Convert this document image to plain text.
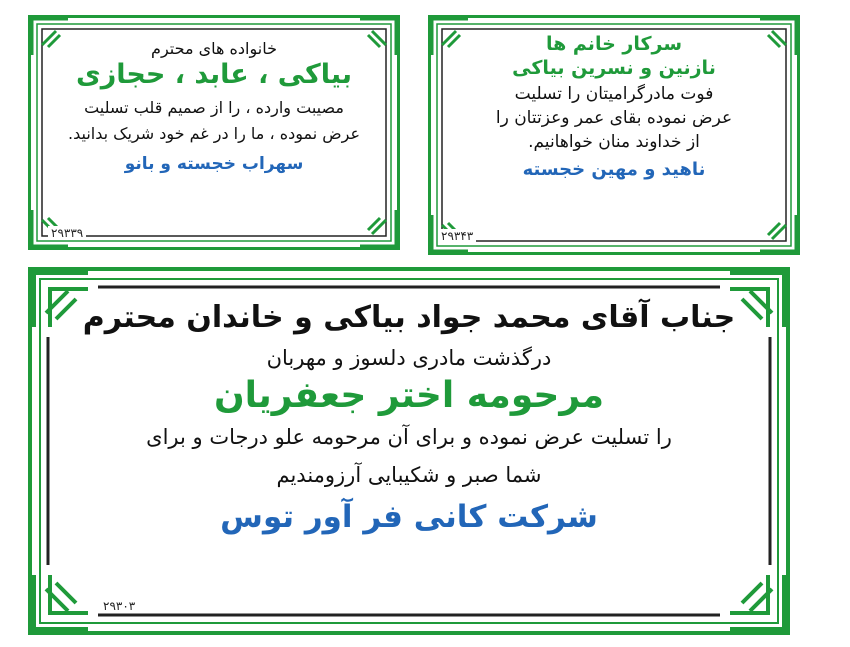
خانواده های محترم
بیاکی ، عابد ، حجازی
مصیبت وارده ، را از صمیم قلب تسلیت
عرض نموده ، ما را در غم خود شریک بدانید.
سهراب خجسته و بانو
۲۹۳۳۹
سرکار خانم ها
نازنین و نسرین بیاکی
فوت مادرگرامیتان را تسلیت
عرض نموده بقای عمر وعزتتان را
از خداوند منان خواهانیم.
ناهید و مهین خجسته
۲۹۳۴۳
جناب آقای محمد جواد بیاکی و خاندان محترم
درگذشت مادری دلسوز و مهربان
مرحومه اختر جعفریان
را تسلیت عرض نموده و برای آن مرحومه علو درجات و برای
شما صبر و شکیبایی آرزومندیم
شرکت کانی فر آور توس
۲۹۳۰۳
